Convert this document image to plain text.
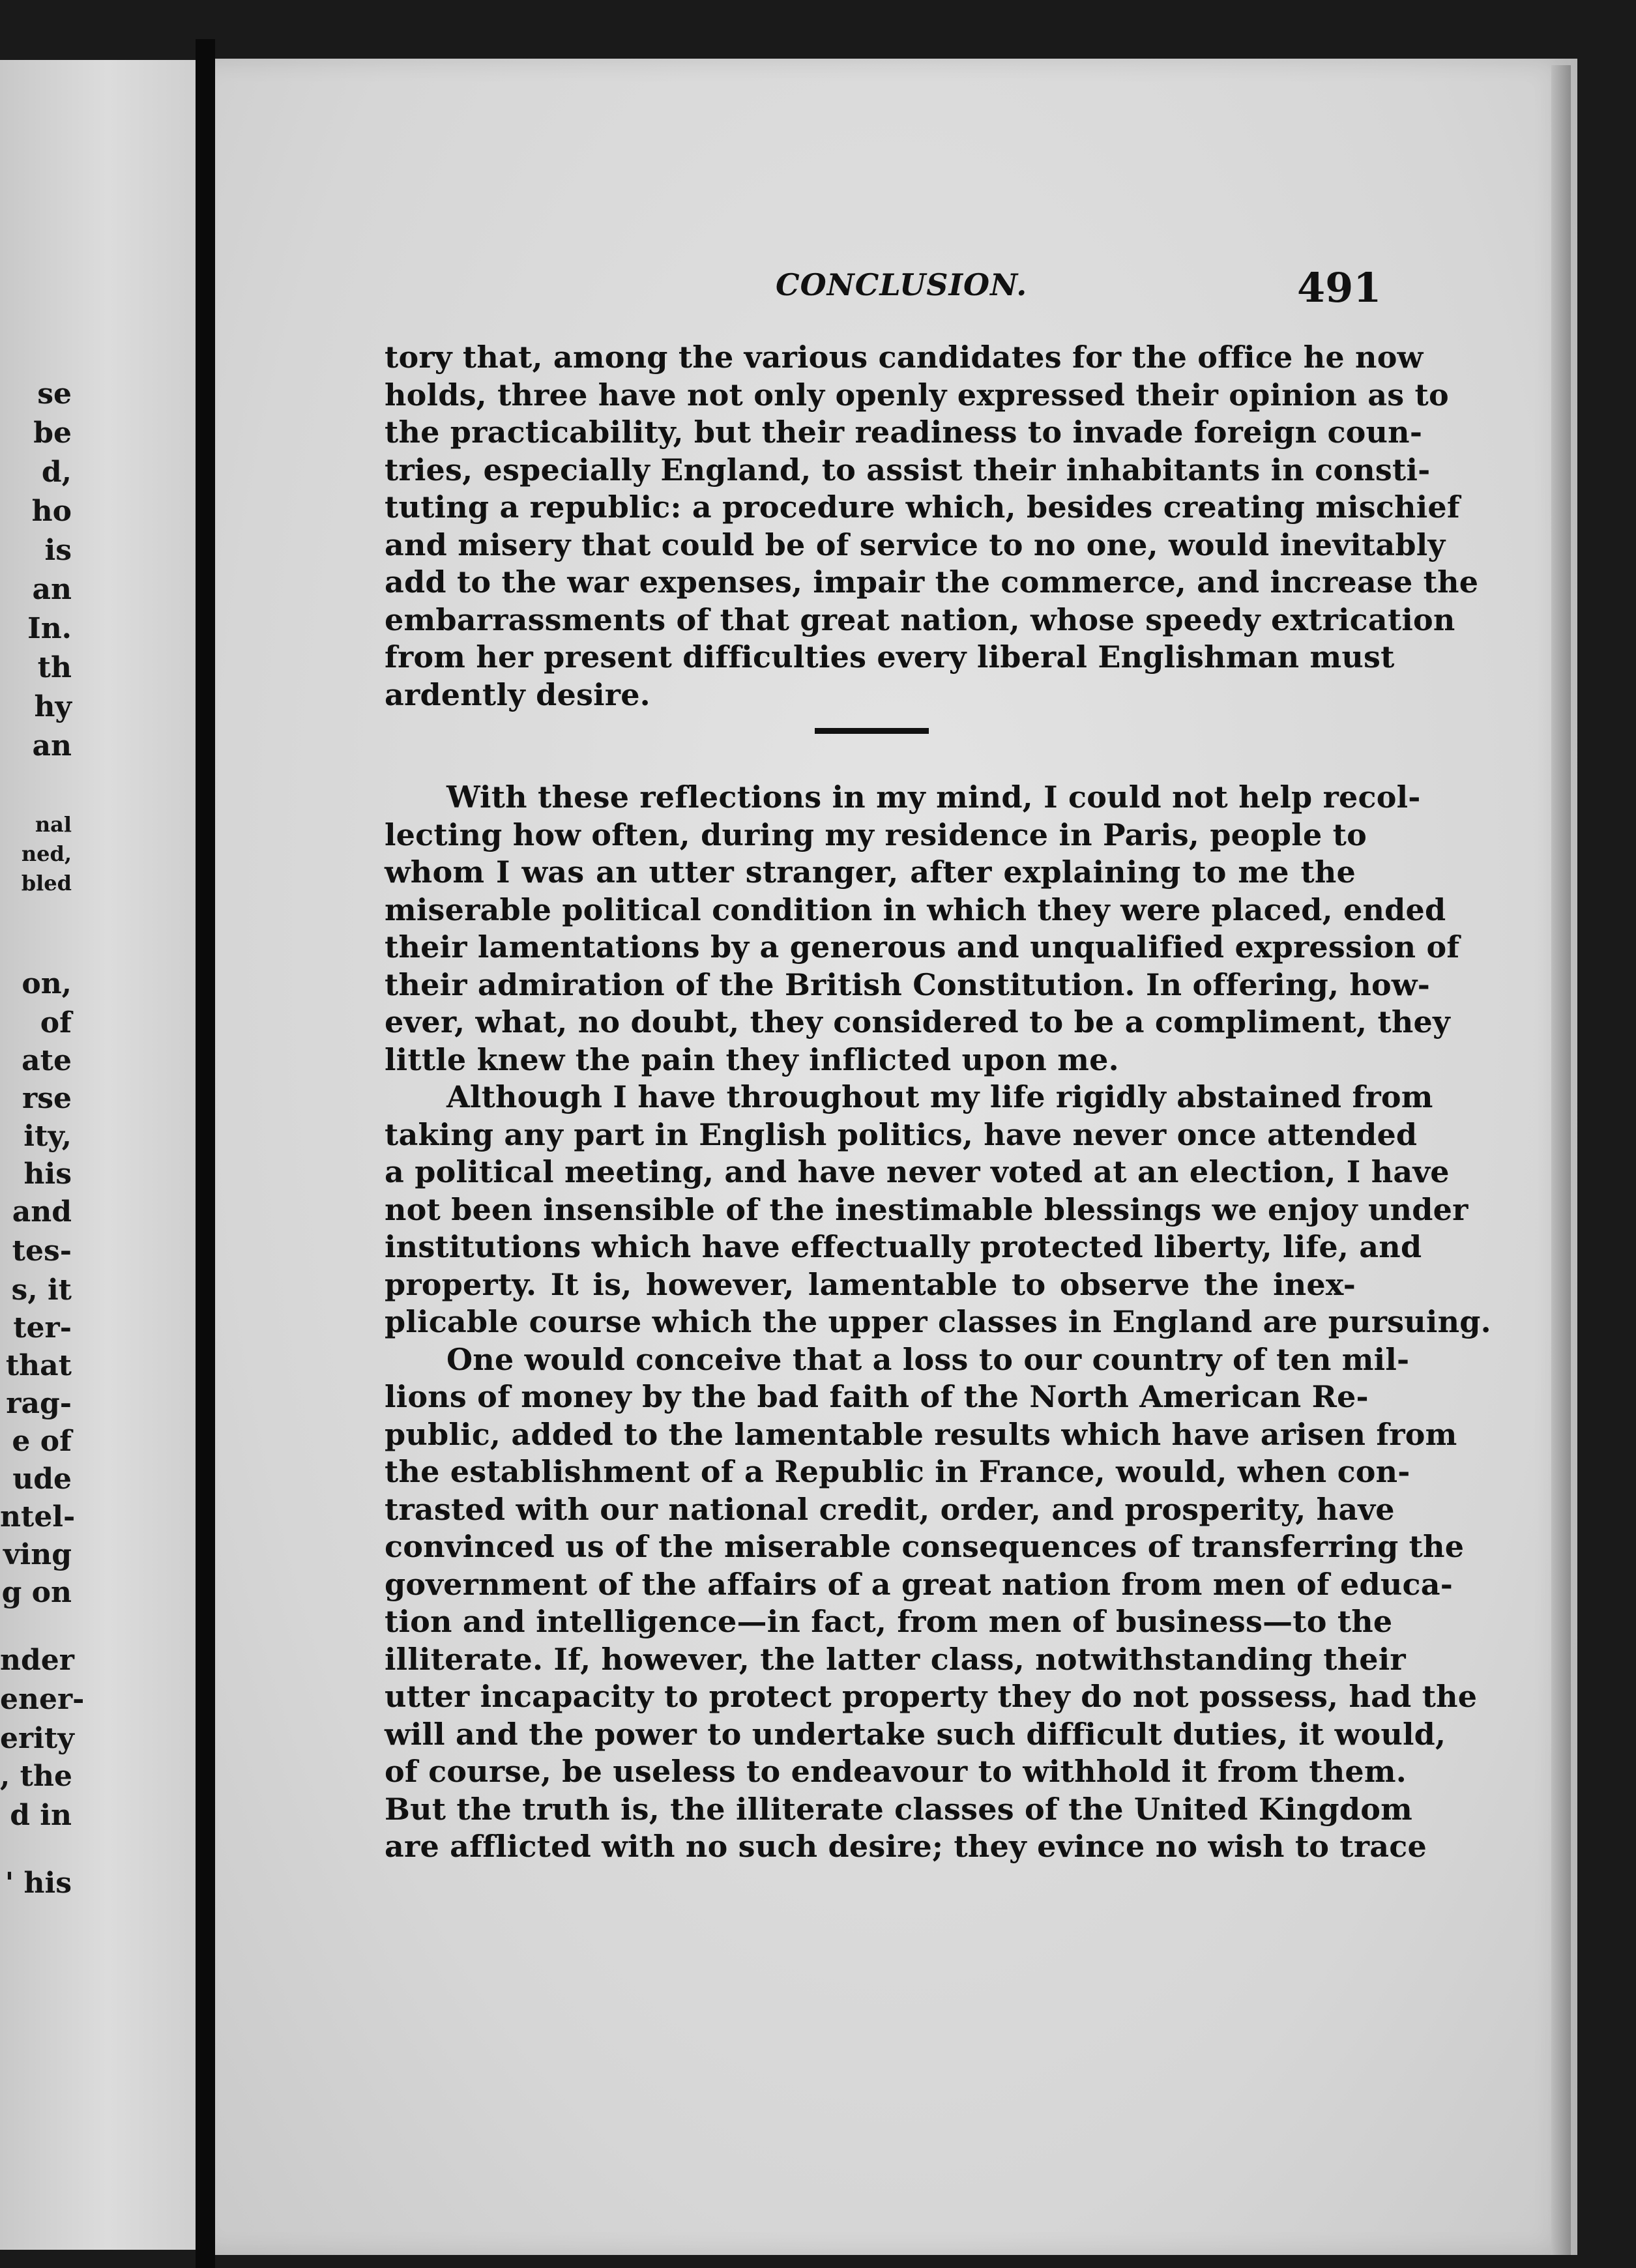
se
be
d,
ho
is
an
In.
th
hy
an
nal
ned,
bled
on,
of
ate
rse
ity,
his
and
tes-
s, it
ter-
that
rag-
e of
ude
ntel-
ving
g on
nder
ener-
erity
, the
d in
' his
CONCLUSION.	491
tory that, among the various candidates for the office he now
holds, three have not only openly expressed their opinion as to
the practicability, but their readiness to invade foreign coun-
tries, especially England, to assist their inhabitants in consti-
tuting a republic: a procedure which, besides creating mischief
and misery that could be of service to no one, would inevitably
add to the war expenses, impair the commerce, and increase the
embarrassments of that great nation, whose speedy extrication
from her present difficulties every liberal Englishman must
ardently desire.
With these reflections in my mind, I could not help recol-
lecting how often, during my residence in Paris, people to
whom I was an utter stranger, after explaining to me the
miserable political condition in which they were placed, ended
their lamentations by a generous and unqualified expression of
their admiration of the British Constitution. In offering, how-
ever, what, no doubt, they considered to be a compliment, they
little knew the pain they inflicted upon me.
Although I have throughout my life rigidly abstained from
taking any part in English politics, have never once attended
a political meeting, and have never voted at an election, I have
not been insensible of the inestimable blessings we enjoy under
institutions which have effectually protected liberty, life, and
property. It is, however, lamentable to observe the inex-
plicable course which the upper classes in England are pursuing.
One would conceive that a loss to our country of ten mil-
lions of money by the bad faith of the North American Re-
public, added to the lamentable results which have arisen from
the establishment of a Republic in France, would, when con-
trasted with our national credit, order, and prosperity, have
convinced us of the miserable consequences of transferring the
government of the affairs of a great nation from men of educa-
tion and intelligence—in fact, from men of business—to the
illiterate. If, however, the latter class, notwithstanding their
utter incapacity to protect property they do not possess, had the
will and the power to undertake such difficult duties, it would,
of course, be useless to endeavour to withhold it from them.
But the truth is, the illiterate classes of the United Kingdom
are afflicted with no such desire; they evince no wish to trace
